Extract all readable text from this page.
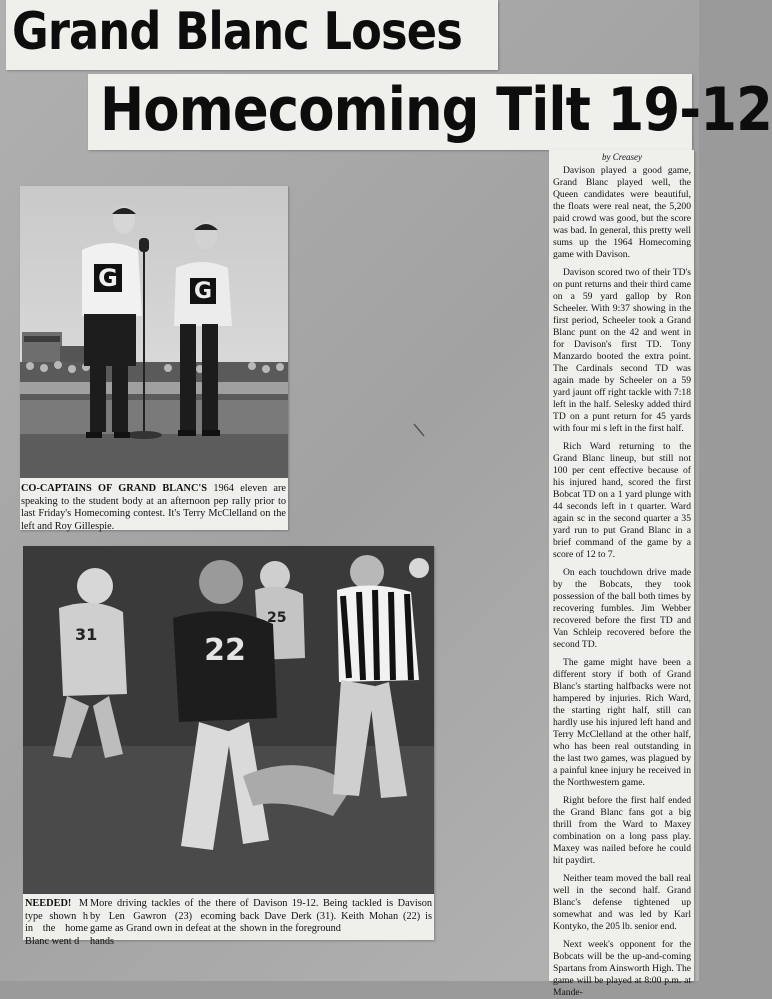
Grand Blanc Loses
Homecoming Tilt 19-12
G	G
CO-CAPTAINS OF GRAND BLANC'S 1964 eleven are speaking to the student body at an afternoon pep rally prior to last Friday's Homecoming contest. It's Terry McClelland on the left and Roy Gillespie.
31
25
22
NEEDED! M type shown h in the home Blanc went d
More driving tackles of the there by Len Gawron (23) ecoming game as Grand own in defeat at the hands
of Davison 19-12. Being tackled is Davison back Dave Derk (31). Keith Mohan (22) is shown in the foreground
by Creasey

Davison played a good game, Grand Blanc played well, the Queen candidates were beautiful, the floats were real neat, the 5,200 paid crowd was good, but the score was bad. In general, this pretty well sums up the 1964 Homecoming game with Davison.

Davison scored two of their TD's on punt returns and their third came on a 59 yard gallop by Ron Scheeler. With 9:37 showing in the first period, Scheeler took a Grand Blanc punt on the 42 and went in for Davison's first TD. Tony Manzardo booted the extra point. The Cardinals second TD was again made by Scheeler on a 59 yard jaunt off right tackle with 7:18 left in the half. Selesky added third TD on a punt return for 45 yards with four mi s left in the first half.

Rich Ward returning to the Grand Blanc lineup, but still not 100 per cent effective because of his injured hand, scored the first Bobcat TD on a 1 yard plunge with 44 seconds left in t quarter. Ward again sc in the second quarter a 35 yard run to put Grand Blanc in a brief command of the game by a score of 12 to 7.

On each touchdown drive made by the Bobcats, they took possession of the ball both times by recovering fumbles. Jim Webber recovered before the first TD and Van Schleip recovered before the second TD.

The game might have been a different story if both of Grand Blanc's starting halfbacks were not hampered by injuries. Rich Ward, the starting right half, still can hardly use his injured left hand and Terry McClelland at the other half, who has been real outstanding in the last two games, was plagued by a painful knee injury he received in the Northwestern game.

Right before the first half ended the Grand Blanc fans got a big thrill from the Ward to Maxey combination on a long pass play. Maxey was nailed before he could hit paydirt.

Neither team moved the ball real well in the second half. Grand Blanc's defense tightened up somewhat and was led by Karl Kontyko, the 205 lb. senior end.

Next week's opponent for the Bobcats will be the up-and-coming Spartans from Ainsworth High. The game will be played at 8:00 p.m. at Mande-
